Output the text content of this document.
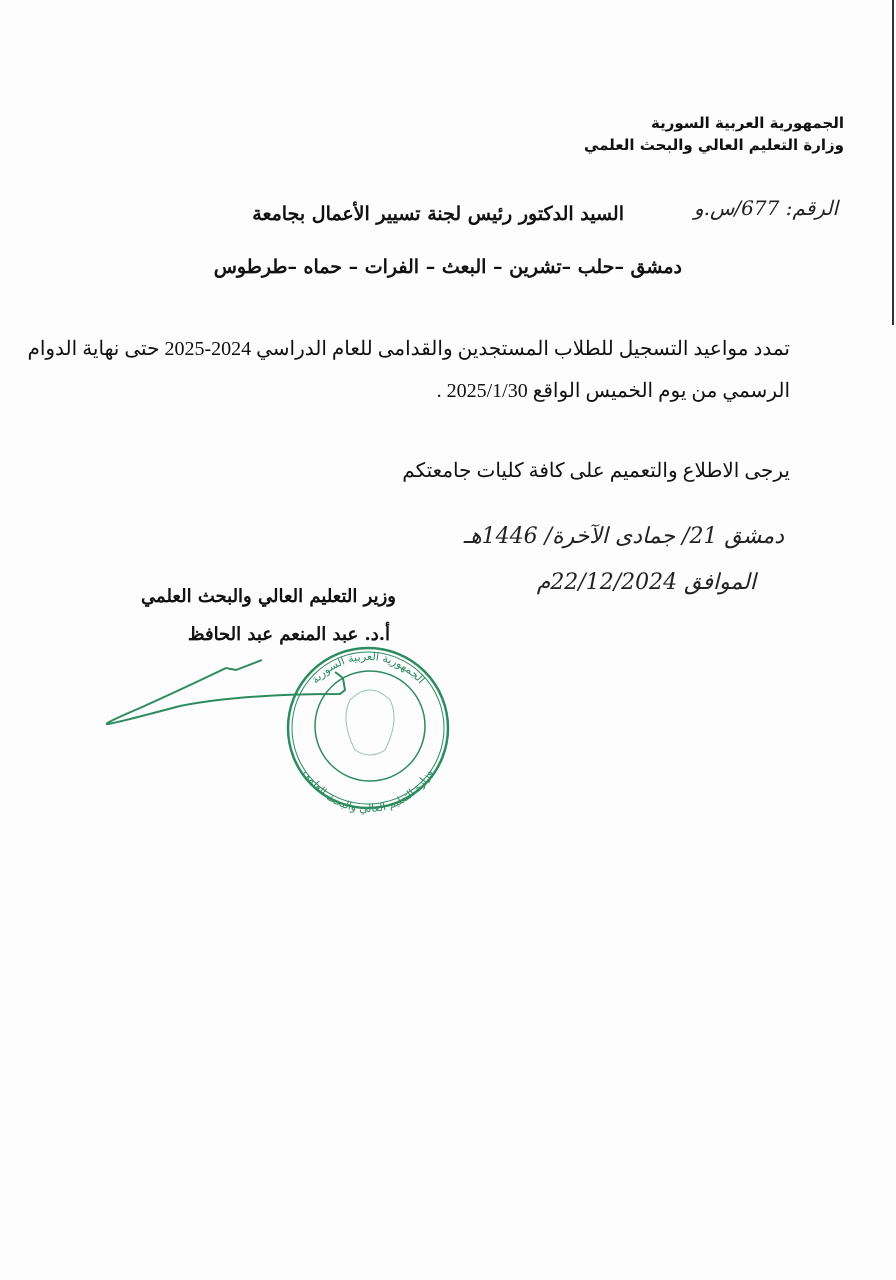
الجمهورية العربية السورية
وزارة التعليم العالي والبحث العلمي
الرقم: 677/س.و
السيد الدكتور رئيس لجنة تسيير الأعمال بجامعة
دمشق –حلب –تشرين – البعث – الفرات – حماه –طرطوس
تمدد مواعيد التسجيل للطلاب المستجدين والقدامى للعام الدراسي 2024-2025 حتى نهاية الدوام
الرسمي من يوم الخميس الواقع 2025/1/30 .
يرجى الاطلاع والتعميم على كافة كليات جامعتكم
دمشق 21/ جمادى الآخرة/ 1446هـ
الموافق 22/12/2024م
وزير التعليم العالي والبحث العلمي
أ.د. عبد المنعم عبد الحافظ
الجمهورية العربية السورية
وزارة التعليم العالي والبحث العلمي
